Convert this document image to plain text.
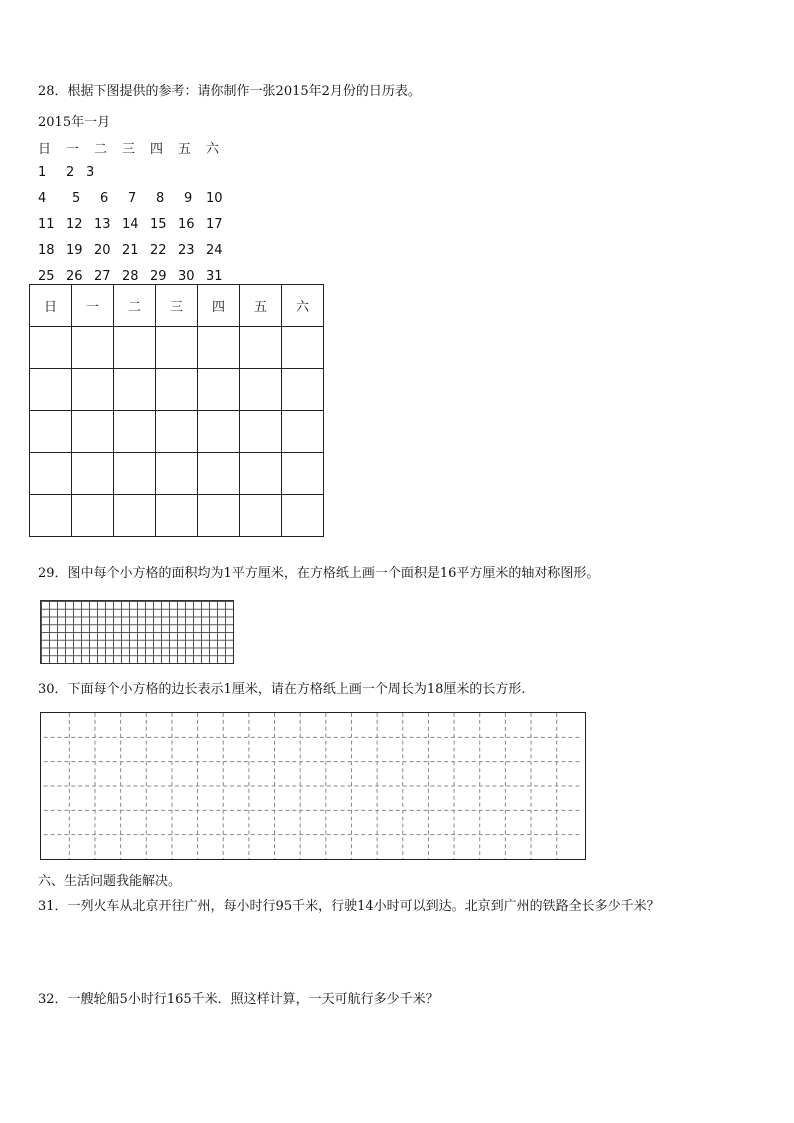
28．根据下图提供的参考：请你制作一张2015年2月份的日历表。
2015年一月
日	一	二	三	四	五	六
1	2 3
4	5	6	7	8	9	10
11 12 13 14 15 16 17
18 19 20 21 22 23 24
25 26 27 28 29 30 31
日	一	二	三	四	五	六

29．图中每个小方格的面积均为1平方厘米，在方格纸上画一个面积是16平方厘米的轴对称图形。
30．下面每个小方格的边长表示1厘米，请在方格纸上画一个周长为18厘米的长方形.
六、生活问题我能解决。
31．一列火车从北京开往广州，每小时行95千米，行驶14小时可以到达。北京到广州的铁路全长多少千米？
32．一艘轮船5小时行165千米．照这样计算，一天可航行多少千米？
